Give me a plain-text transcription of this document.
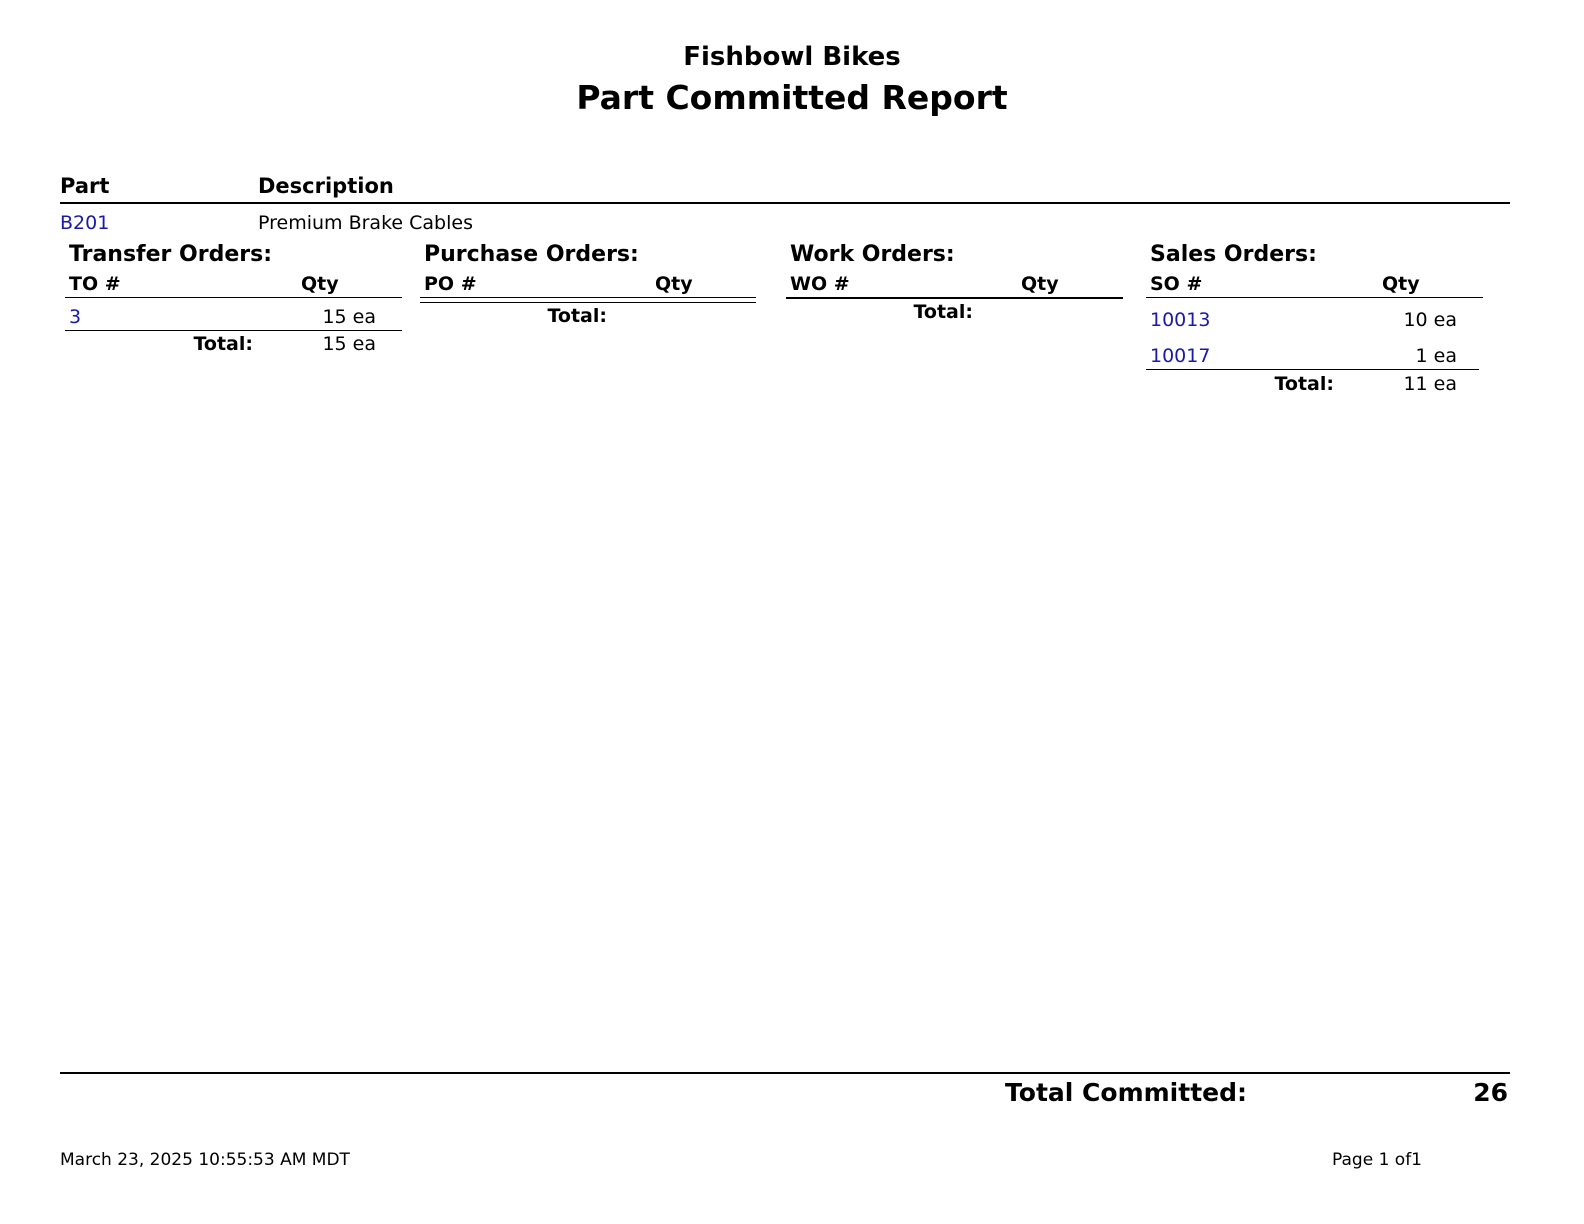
Fishbowl Bikes
Part Committed Report
Part	Description
B201	Premium Brake Cables
Transfer Orders:
TO #	Qty
3	15 ea
Total:	15 ea
Purchase Orders:
PO #	Qty
Total:
Work Orders:
WO #	Qty
Total:
Sales Orders:
SO #	Qty
10013	10 ea
10017	1 ea
Total:	11 ea
Total Committed:	26
March 23, 2025 10:55:53 AM MDT	Page 1 of1
